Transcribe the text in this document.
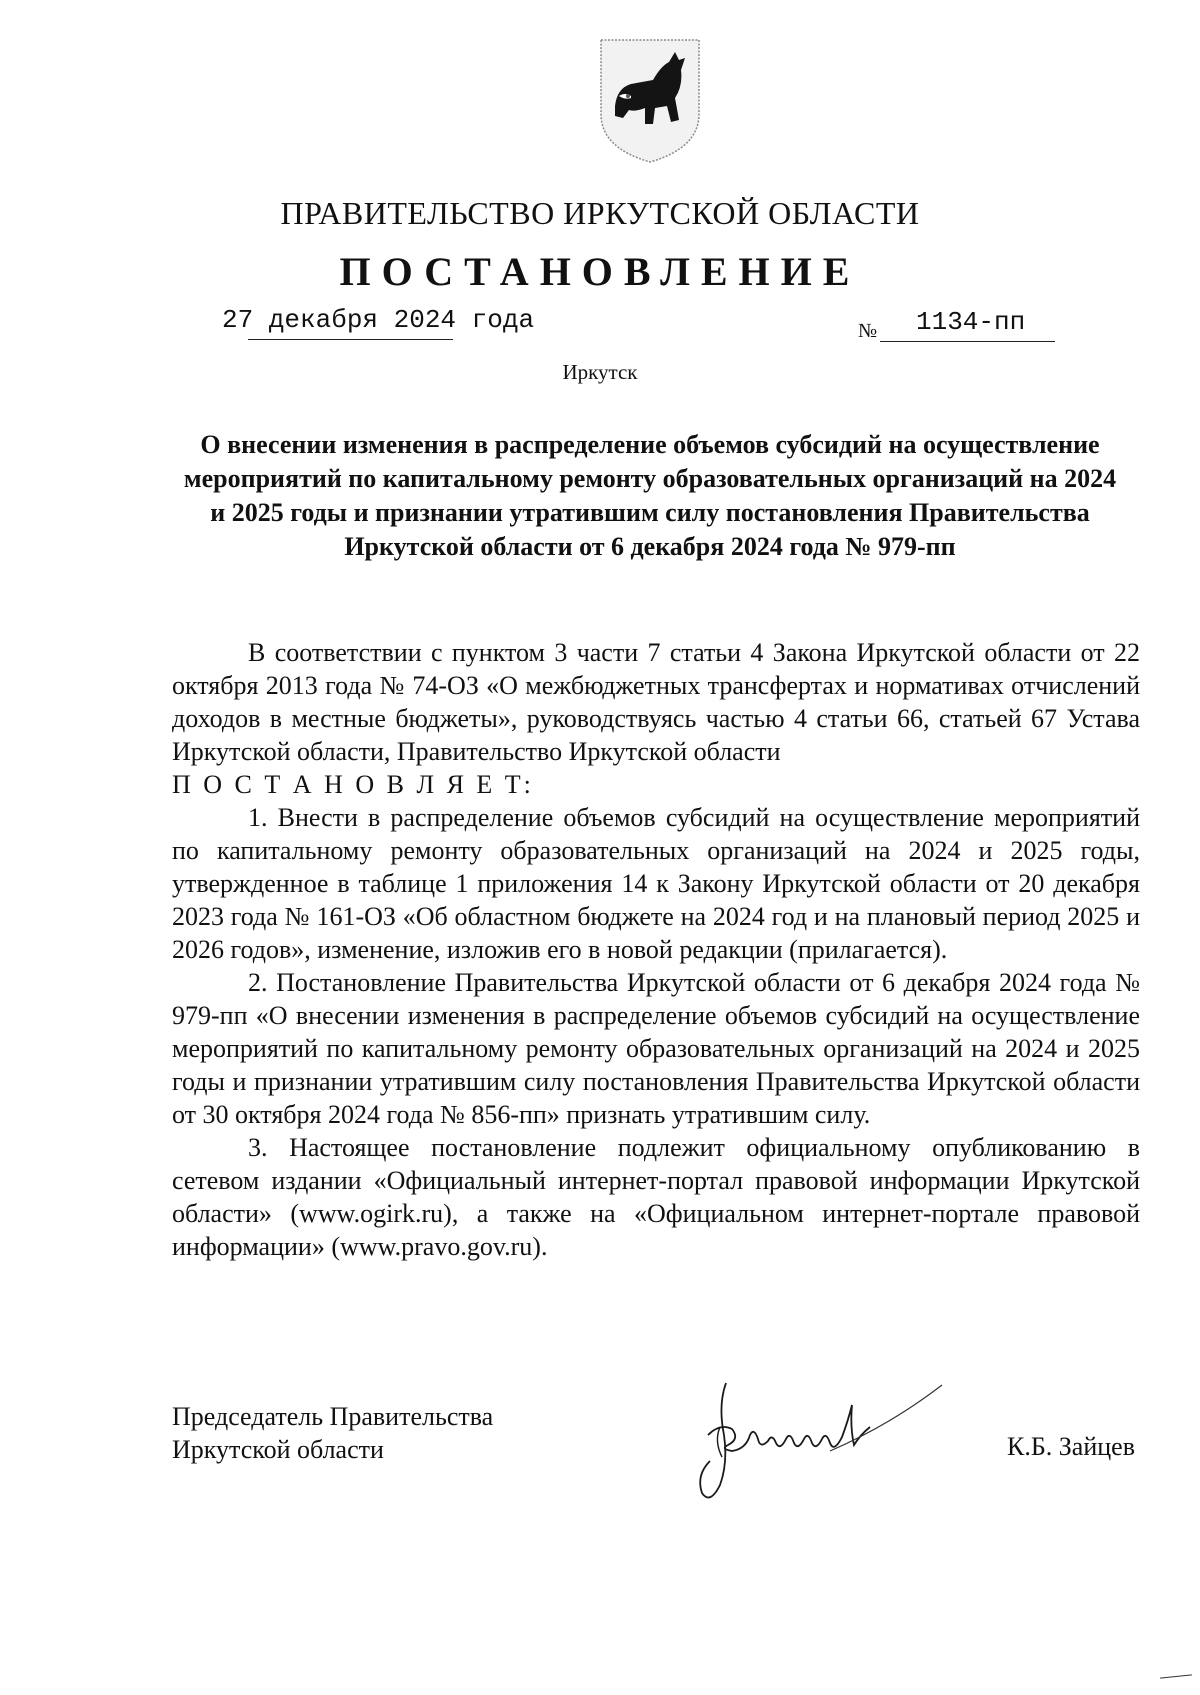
ПРАВИТЕЛЬСТВО ИРКУТСКОЙ ОБЛАСТИ
ПОСТАНОВЛЕНИЕ
27 декабря 2024 года	№ 1134-пп
Иркутск
О внесении изменения в распределение объемов субсидий на осуществление мероприятий по капитальному ремонту образовательных организаций на 2024 и 2025 годы и признании утратившим силу постановления Правительства Иркутской области от 6 декабря 2024 года № 979-пп

В соответствии с пунктом 3 части 7 статьи 4 Закона Иркутской области от 22 октября 2013 года № 74-ОЗ «О межбюджетных трансфертах и нормативах отчислений доходов в местные бюджеты», руководствуясь частью 4 статьи 66, статьей 67 Устава Иркутской области, Правительство Иркутской области

П О С Т А Н О В Л Я Е Т:

1. Внести в распределение объемов субсидий на осуществление мероприятий по капитальному ремонту образовательных организаций на 2024 и 2025 годы, утвержденное в таблице 1 приложения 14 к Закону Иркутской области от 20 декабря 2023 года № 161-ОЗ «Об областном бюджете на 2024 год и на плановый период 2025 и 2026 годов», изменение, изложив его в новой редакции (прилагается).

2. Постановление Правительства Иркутской области от 6 декабря 2024 года № 979-пп «О внесении изменения в распределение объемов субсидий на осуществление мероприятий по капитальному ремонту образовательных организаций на 2024 и 2025 годы и признании утратившим силу постановления Правительства Иркутской области от 30 октября 2024 года № 856-пп» признать утратившим силу.

3. Настоящее постановление подлежит официальному опубликованию в сетевом издании «Официальный интернет-портал правовой информации Иркутской области» (www.ogirk.ru), а также на «Официальном интернет-портале правовой информации» (www.pravo.gov.ru).

Председатель Правительства
Иркутской области	К.Б. Зайцев
